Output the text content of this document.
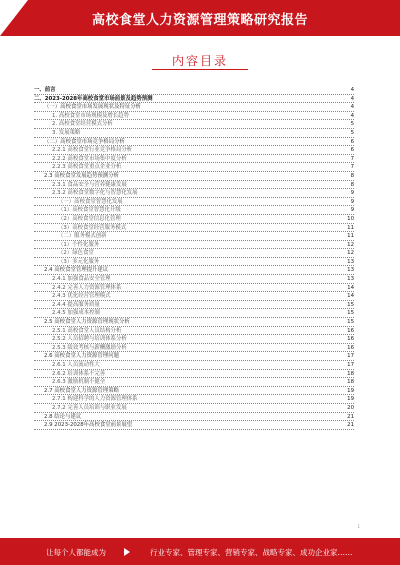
高校食堂人力资源管理策略研究报告
内容目录
一、前言	4
二、2023-2028年高校食堂市场前景及趋势预测	4
（一）高校食堂市场发展现状及特征分析	4
1. 高校食堂市场规模及增长趋势	4
2. 高校食堂经营模式分析	5
3. 发展策略	5
（二）高校食堂市场竞争格局分析	6
2.2.1 高校食堂行业竞争格局分析	6
2.2.2 高校食堂市场集中度分析	7
2.2.3 高校食堂重点企业分析	7
2.3 高校食堂发展趋势预测分析	8
2.3.1 食品安全与营养健康发展	8
2.3.2 高校食堂数字化与智慧化发展	9
（一）高校食堂智慧化发展	9
（1）高校食堂智慧化升级	9
（2）高校食堂信息化管理	10
（3）高校食堂经营服务模式	11
（二）服务模式创新	11
（1）个性化服务	12
（2）绿色食堂	12
（3）多元化服务	13
2.4 高校食堂管理提升建议	13
2.4.1 加强食品安全管理	13
2.4.2 完善人力资源管理体系	14
2.4.3 优化经营管理模式	14
2.4.4 提高服务质量	15
2.4.5 加强成本控制	15
2.5 高校食堂人力资源管理现状分析	15
2.5.1 高校食堂人员结构分析	16
2.5.2 人员招聘与培训体系分析	16
2.5.3 绩效考核与薪酬激励分析	16
2.6 高校食堂人力资源管理问题	17
2.6.1 人员流动性大	17
2.6.2 培训体系不完善	18
2.6.3 激励机制不健全	18
2.7 高校食堂人力资源管理策略	19
2.7.1 构建科学的人力资源管理体系	19
2.7.2 完善人员培训与职业发展	20
2.8 结论与建议	21
2.9 2023-2028年高校食堂前景展望	21
1
让每个人都能成为	行业专家、管理专家、营销专家、战略专家、成功企业家……
